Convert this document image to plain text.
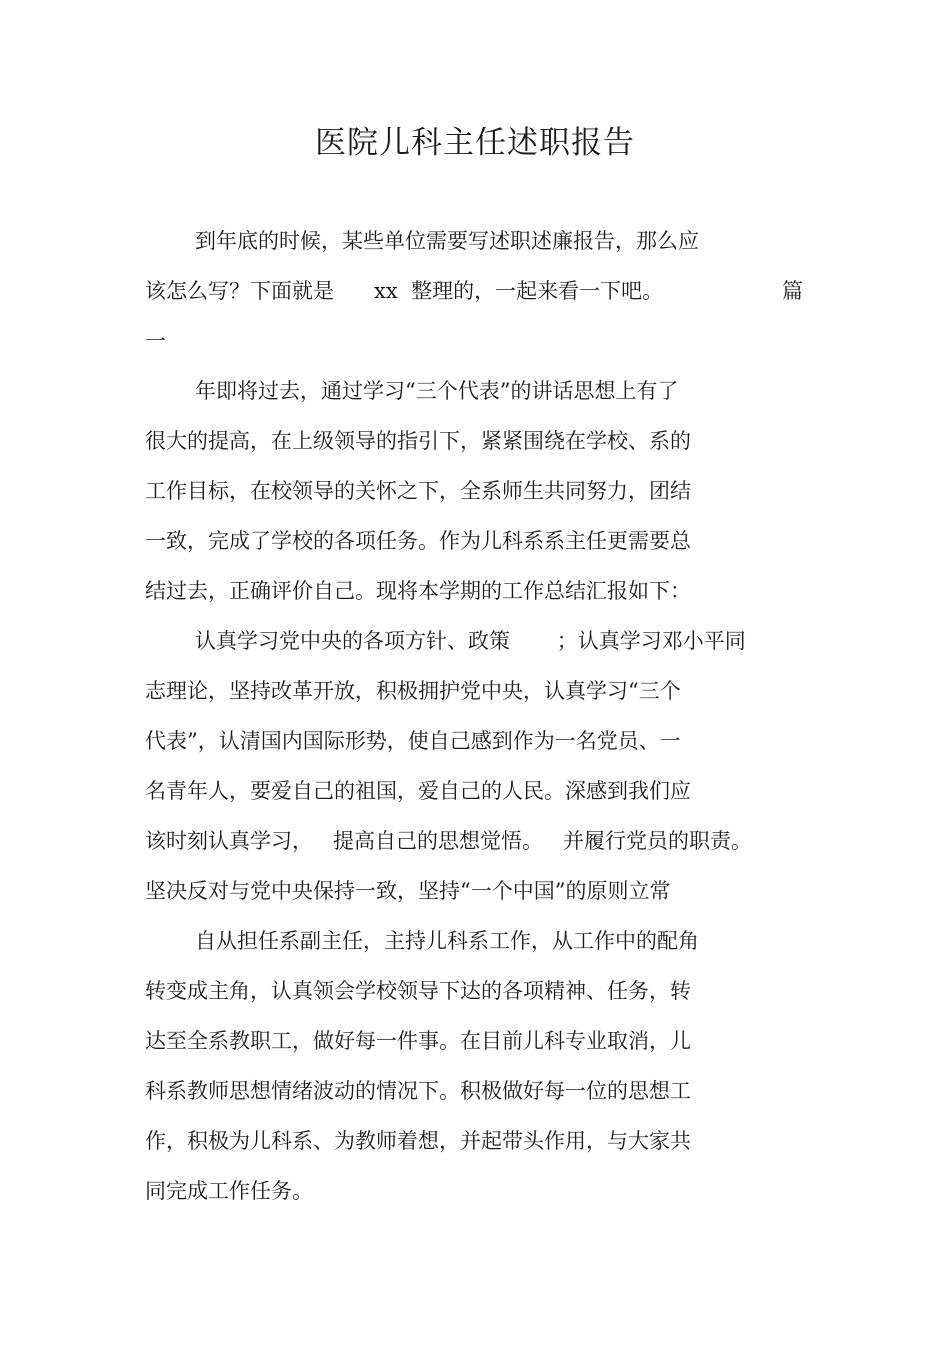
医院儿科主任述职报告

到年底的时候，某些单位需要写述职述廉报告，那么应

该怎么写？下面就是      xx  整理的，一起来看一下吧。	篇

一

年即将过去，通过学习“三个代表”的讲话思想上有了

很大的提高，在上级领导的指引下，紧紧围绕在学校、系的

工作目标，在校领导的关怀之下，全系师生共同努力，团结

一致，完成了学校的各项任务。作为儿科系系主任更需要总

结过去，正确评价自己。现将本学期的工作总结汇报如下：

认真学习党中央的各项方针、政策       ；认真学习邓小平同

志理论，坚持改革开放，积极拥护党中央，认真学习“三个

代表”，认清国内国际形势，使自己感到作为一名党员、一

名青年人，要爱自己的祖国，爱自己的人民。深感到我们应

该时刻认真学习，   提高自己的思想觉悟。   并履行党员的职责。

坚决反对与党中央保持一致，坚持“一个中国”的原则立常

自从担任系副主任，主持儿科系工作，从工作中的配角

转变成主角，认真领会学校领导下达的各项精神、任务，转

达至全系教职工，做好每一件事。在目前儿科专业取消，儿

科系教师思想情绪波动的情况下。积极做好每一位的思想工

作，积极为儿科系、为教师着想，并起带头作用，与大家共

同完成工作任务。
